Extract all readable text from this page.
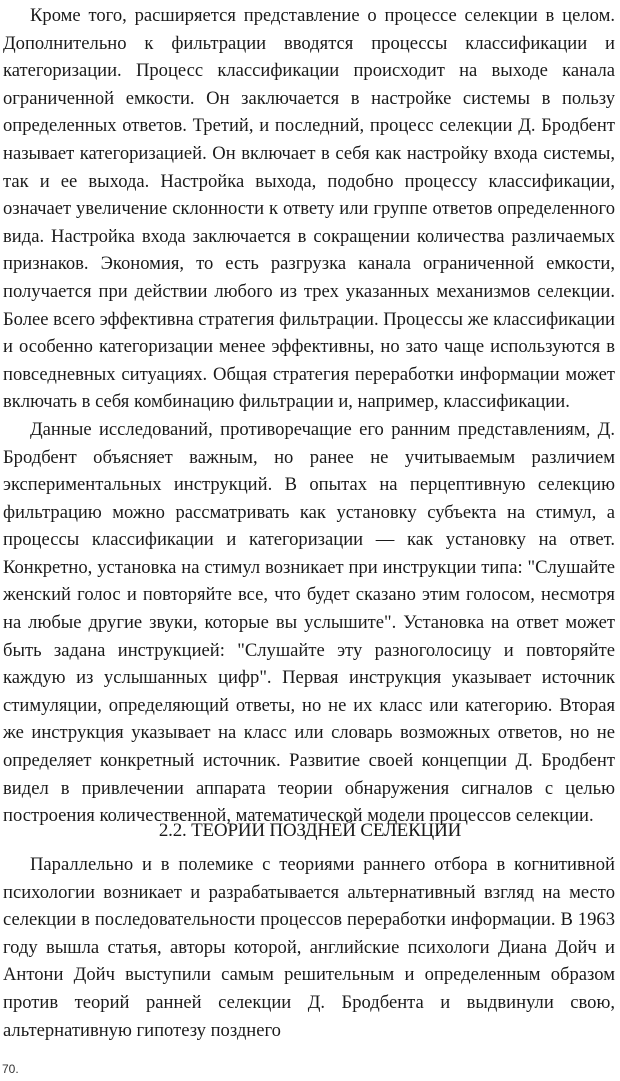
Кроме того, расширяется представление о процессе селекции в целом. Дополнительно к фильтрации вводятся процессы классификации и категоризации. Процесс классификации происходит на выходе канала ограниченной емкости. Он заключается в настройке системы в пользу определенных ответов. Третий, и последний, процесс селекции Д. Бродбент называет категоризацией. Он включает в себя как настройку входа системы, так и ее выхода. Настройка выхода, подобно процессу классификации, означает увеличение склонности к ответу или группе ответов определенного вида. Настройка входа заключается в сокращении количества различаемых признаков. Экономия, то есть разгрузка канала ограниченной емкости, получается при действии любого из трех указанных механизмов селекции. Более всего эффективна стратегия фильтрации. Процессы же классификации и особенно категоризации менее эффективны, но зато чаще используются в повседневных ситуациях. Общая стратегия переработки информации может включать в себя комбинацию фильтрации и, например, классификации.

Данные исследований, противоречащие его ранним представлениям, Д. Бродбент объясняет важным, но ранее не учитываемым различием экспериментальных инструкций. В опытах на перцептивную селекцию фильтрацию можно рассматривать как установку субъекта на стимул, а процессы классификации и категоризации — как установку на ответ. Конкретно, установка на стимул возникает при инструкции типа: "Слушайте женский голос и повторяйте все, что будет сказано этим голосом, несмотря на любые другие звуки, которые вы услышите". Установка на ответ может быть задана инструкцией: "Слушайте эту разноголосицу и повторяйте каждую из услышанных цифр". Первая инструкция указывает источник стимуляции, определяющий ответы, но не их класс или категорию. Вторая же инструкция указывает на класс или словарь возможных ответов, но не определяет конкретный источник. Развитие своей концепции Д. Бродбент видел в привлечении аппарата теории обнаружения сигналов с целью построения количественной, математической модели процессов селекции.

2.2. ТЕОРИИ ПОЗДНЕЙ СЕЛЕКЦИИ

Параллельно и в полемике с теориями раннего отбора в когнитивной психологии возникает и разрабатывается альтернативный взгляд на место селекции в последовательности процессов переработки информации. В 1963 году вышла статья, авторы которой, английские психологи Диана Дойч и Антони Дойч выступили самым решительным и определенным образом против теорий ранней селекции Д. Бродбента и выдвинули свою, альтернативную гипотезу позднего

70.
